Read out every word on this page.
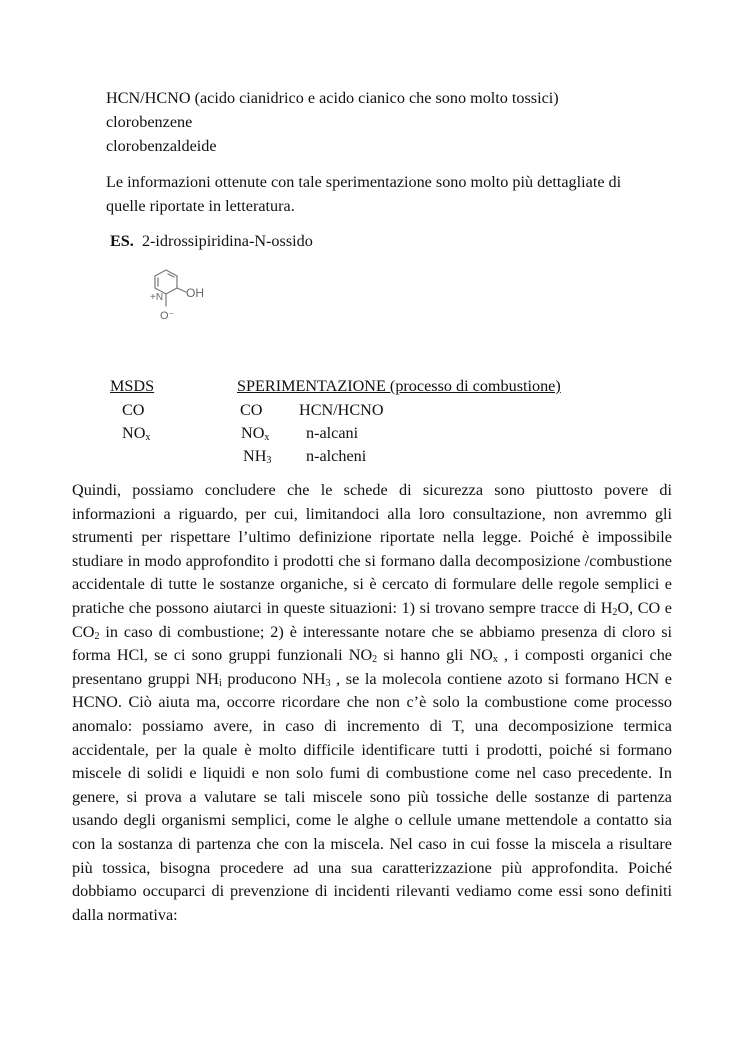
HCN/HCNO (acido cianidrico e acido cianico che sono molto tossici)
clorobenzene
clorobenzaldeide
Le informazioni ottenute con tale sperimentazione sono molto più dettagliate di
quelle riportate in letteratura.
ES. 2-idrossipiridina-N-ossido
OH
+N
O⁻
MSDS	SPERIMENTAZIONE (processo di combustione)
CO
$NO_x$
CO HCN/HCNO
$NO_x$ n-alcani
$NH_3$ n-alcheni
Quindi, possiamo concludere che le schede di sicurezza sono piuttosto povere di informazioni a riguardo, per cui, limitandoci alla loro consultazione, non avremmo gli strumenti per rispettare l’ultimo definizione riportate nella legge. Poiché è impossibile studiare in modo approfondito i prodotti che si formano dalla decomposizione /combustione accidentale di tutte le sostanze organiche, si è cercato di formulare delle regole semplici e pratiche che possono aiutarci in queste situazioni: 1) si trovano sempre tracce di $H_2O$, CO e $CO_2$ in caso di combustione; 2) è interessante notare che se abbiamo presenza di cloro si forma HCl, se ci sono gruppi funzionali $NO_2$ si hanno gli $NO_x$ , i composti organici che presentano gruppi $NH_i$ producono $NH_3$ , se la molecola contiene azoto si formano HCN e HCNO. Ciò aiuta ma, occorre ricordare che non c’è solo la combustione come processo anomalo: possiamo avere, in caso di incremento di T, una decomposizione termica accidentale, per la quale è molto difficile identificare tutti i prodotti, poiché si formano miscele di solidi e liquidi e non solo fumi di combustione come nel caso precedente. In genere, si prova a valutare se tali miscele sono più tossiche delle sostanze di partenza usando degli organismi semplici, come le alghe o cellule umane mettendole a contatto sia con la sostanza di partenza che con la miscela. Nel caso in cui fosse la miscela a risultare più tossica, bisogna procedere ad una sua caratterizzazione più approfondita. Poiché dobbiamo occuparci di prevenzione di incidenti rilevanti vediamo come essi sono definiti dalla normativa:
